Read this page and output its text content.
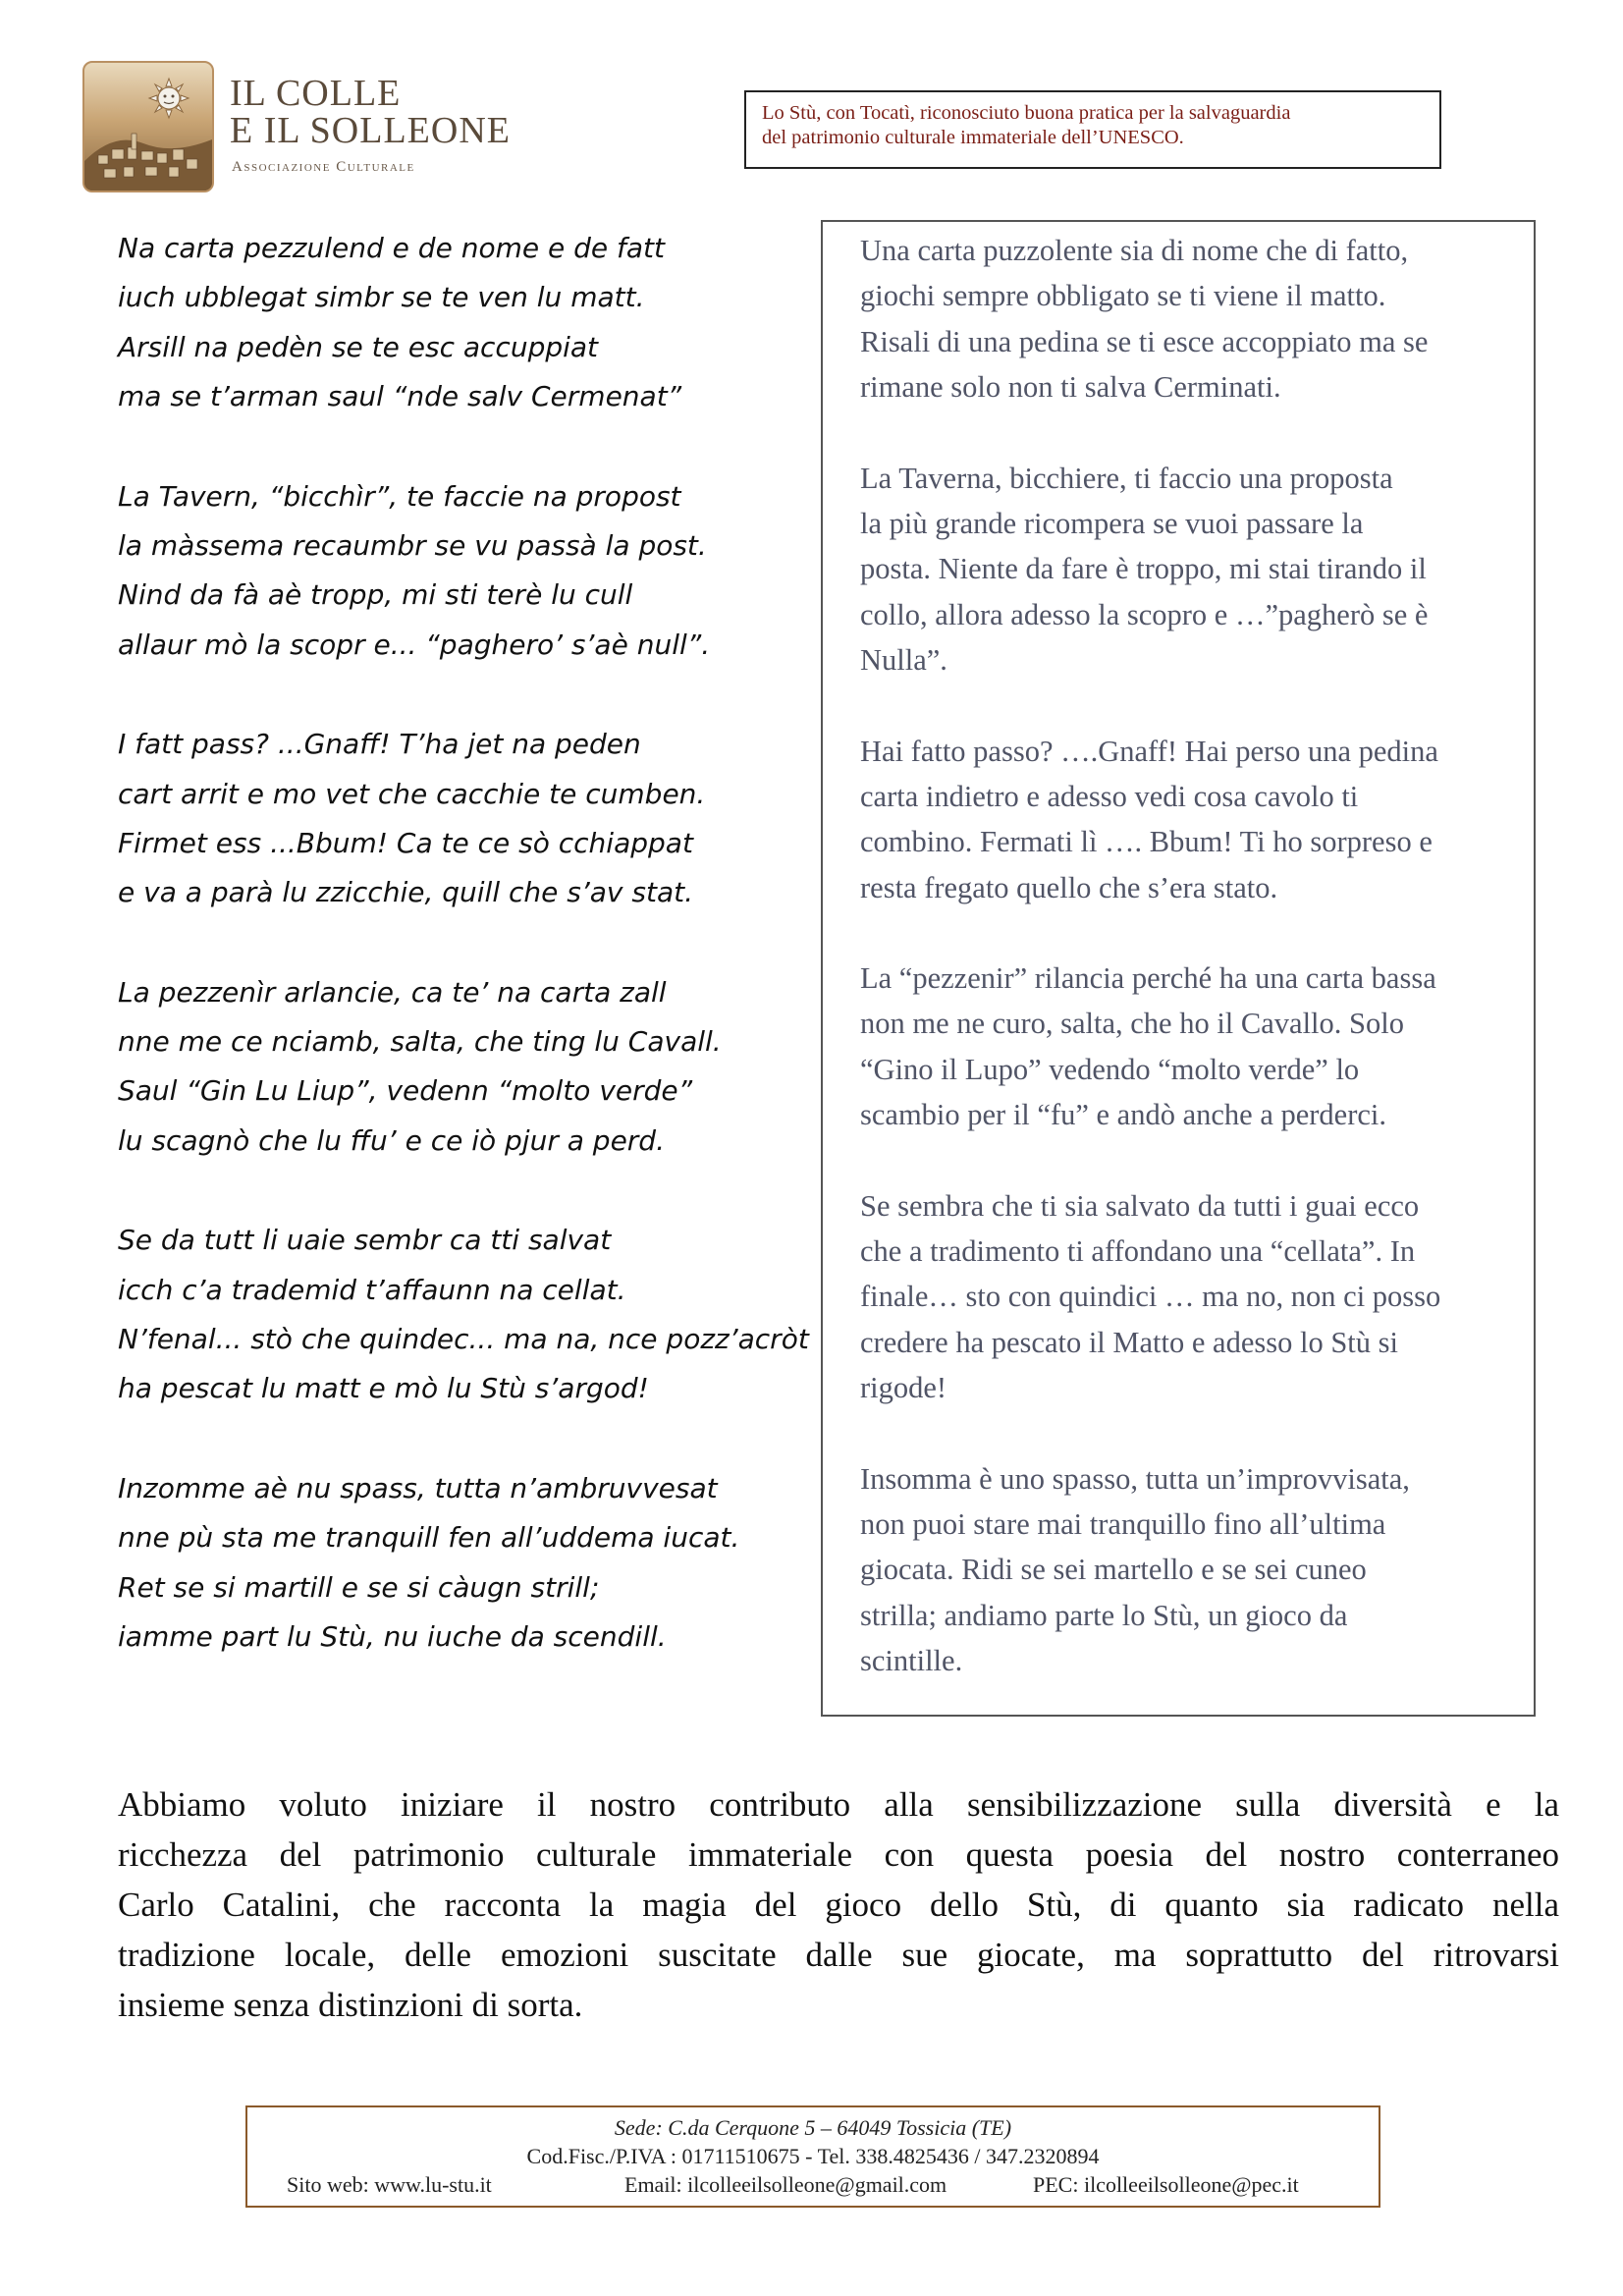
IL COLLE
E IL SOLLEONE
Associazione Culturale
Lo Stù, con Tocatì, riconosciuto buona pratica per la salvaguardia
del patrimonio culturale immateriale dell’UNESCO.
Na carta pezzulend e de nome e de fatt
iuch ubblegat simbr se te ven lu matt.
Arsill na pedèn se te esc accuppiat
ma se t’arman saul “nde salv Cermenat”
La Tavern, “bicchìr”, te faccie na propost
la màssema recaumbr se vu passà la post.
Nind da fà aè tropp, mi sti terè lu cull
allaur mò la scopr e... “paghero’ s’aè null”.
I fatt pass? ...Gnaff! T’ha jet na peden
cart arrit e mo vet che cacchie te cumben.
Firmet ess ...Bbum! Ca te ce sò cchiappat
e va a parà lu zzicchie, quill che s’av stat.
La pezzenìr arlancie, ca te’ na carta zall
nne me ce nciamb, salta, che ting lu Cavall.
Saul “Gin Lu Liup”, vedenn “molto verde”
lu scagnò che lu ffu’ e ce iò pjur a perd.
Se da tutt li uaie sembr ca tti salvat
icch c’a trademid t’affaunn na cellat.
N’fenal... stò che quindec... ma na, nce pozz’acròt
ha pescat lu matt e mò lu Stù s’argod!
Inzomme aè nu spass, tutta n’ambruvvesat
nne pù sta me tranquill fen all’uddema iucat.
Ret se si martill e se si càugn strill;
iamme part lu Stù, nu iuche da scendill.
Una carta puzzolente sia di nome che di fatto,
giochi sempre obbligato se ti viene il matto.
Risali di una pedina se ti esce accoppiato ma se
rimane solo non ti salva Cerminati.
La Taverna, bicchiere, ti faccio una proposta
la più grande ricompera se vuoi passare la
posta. Niente da fare è troppo, mi stai tirando il
collo, allora adesso la scopro e …”pagherò se è
Nulla”.
Hai fatto passo? ….Gnaff! Hai perso una pedina
carta indietro e adesso vedi cosa cavolo ti
combino. Fermati lì …. Bbum! Ti ho sorpreso e
resta fregato quello che s’era stato.
La “pezzenir” rilancia perché ha una carta bassa
non me ne curo, salta, che ho il Cavallo. Solo
“Gino il Lupo” vedendo “molto verde” lo
scambio per il “fu” e andò anche a perderci.
Se sembra che ti sia salvato da tutti i guai ecco
che a tradimento ti affondano una “cellata”. In
finale… sto con quindici … ma no, non ci posso
credere ha pescato il Matto e adesso lo Stù si
rigode!
Insomma è uno spasso, tutta un’improvvisata,
non puoi stare mai tranquillo fino all’ultima
giocata. Ridi se sei martello e se sei cuneo
strilla; andiamo parte lo Stù, un gioco da
scintille.
Abbiamo voluto iniziare il nostro contributo alla sensibilizzazione sulla diversità e la
ricchezza del patrimonio culturale immateriale con questa poesia del nostro conterraneo
Carlo Catalini, che racconta la magia del gioco dello Stù, di quanto sia radicato nella
tradizione locale, delle emozioni suscitate dalle sue giocate, ma soprattutto del ritrovarsi
insieme senza distinzioni di sorta.
Sede: C.da Cerquone 5 – 64049 Tossicia (TE)
Cod.Fisc./P.IVA : 01711510675 - Tel. 338.4825436 / 347.2320894
Sito web: www.lu-stu.it	Email: ilcolleeilsolleone@gmail.com	PEC: ilcolleeilsolleone@pec.it
